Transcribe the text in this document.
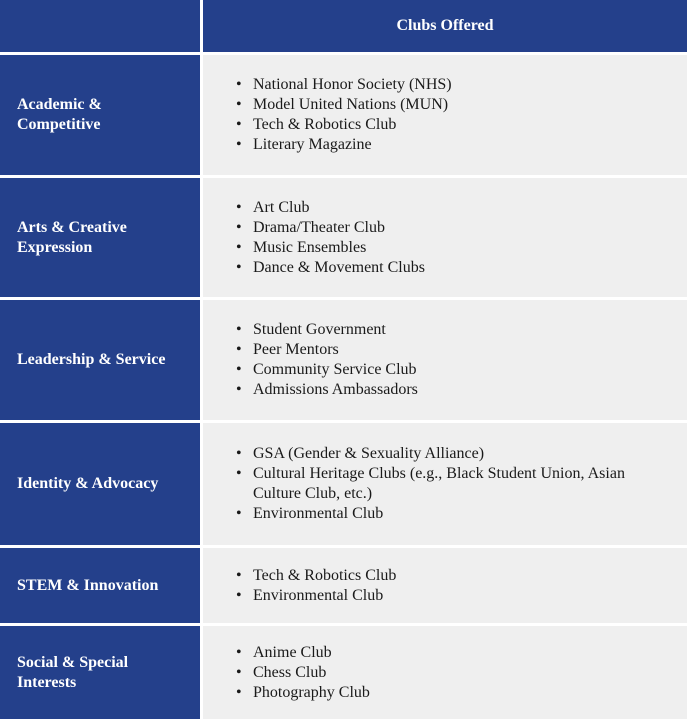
Clubs Offered
Academic & Competitive
• National Honor Society (NHS)
• Model United Nations (MUN)
• Tech & Robotics Club
• Literary Magazine
Arts & Creative Expression
• Art Club
• Drama/Theater Club
• Music Ensembles
• Dance & Movement Clubs
Leadership & Service
• Student Government
• Peer Mentors
• Community Service Club
• Admissions Ambassadors
Identity & Advocacy
• GSA (Gender & Sexuality Alliance)
• Cultural Heritage Clubs (e.g., Black Student Union, Asian Culture Club, etc.)
• Environmental Club
STEM & Innovation
• Tech & Robotics Club
• Environmental Club
Social & Special Interests
• Anime Club
• Chess Club
• Photography Club
